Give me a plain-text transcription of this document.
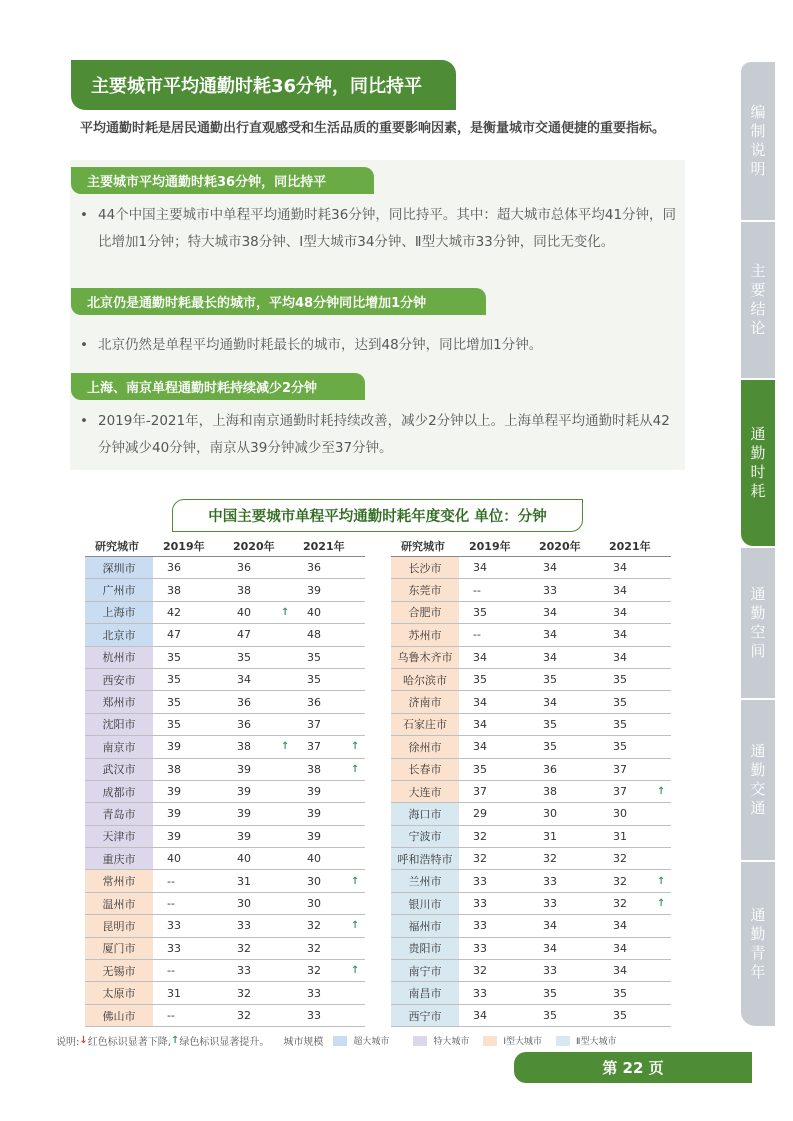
主要城市平均通勤时耗36分钟，同比持平
平均通勤时耗是居民通勤出行直观感受和生活品质的重要影响因素，是衡量城市交通便捷的重要指标。
主要城市平均通勤时耗36分钟，同比持平
• 44个中国主要城市中单程平均通勤时耗36分钟，同比持平。其中：超大城市总体平均41分钟，同比增加1分钟；特大城市38分钟、Ⅰ型大城市34分钟、Ⅱ型大城市33分钟，同比无变化。
北京仍是通勤时耗最长的城市，平均48分钟同比增加1分钟
• 北京仍然是单程平均通勤时耗最长的城市，达到48分钟，同比增加1分钟。
上海、南京单程通勤时耗持续减少2分钟
• 2019年-2021年，上海和南京通勤时耗持续改善，减少2分钟以上。上海单程平均通勤时耗从42分钟减少40分钟，南京从39分钟减少至37分钟。
中国主要城市单程平均通勤时耗年度变化 单位：分钟
研究城市	2019年	2020年	2021年
深圳市	36	36	36
广州市	38	38	39
上海市	42	40	↑ 40
北京市	47	47	48
杭州市	35	35	35
西安市	35	34	35
郑州市	35	36	36
沈阳市	35	36	37
南京市	39	38	↑ 37	↑
武汉市	38	39	38	↑
成都市	39	39	39
青岛市	39	39	39
天津市	39	39	39
重庆市	40	40	40
常州市	--	31	30	↑
温州市	--	30	30
昆明市	33	33	32	↑
厦门市	33	32	32
无锡市	--	33	32	↑
太原市	31	32	33
佛山市	--	32	33
研究城市	2019年	2020年	2021年
长沙市	34	34	34
东莞市	--	33	34
合肥市	35	34	34
苏州市	--	34	34
乌鲁木齐市	34	34	34
哈尔滨市	35	35	35
济南市	34	34	35
石家庄市	34	35	35
徐州市	34	35	35
长春市	35	36	37
大连市	37	38	37	↑
海口市	29	30	30
宁波市	32	31	31
呼和浩特市	32	32	32
兰州市	33	33	32	↑
银川市	33	33	32	↑
福州市	33	34	34
贵阳市	33	34	34
南宁市	32	33	34
南昌市	33	35	35
西宁市	34	35	35
说明: ↓ 红色标识显著下降, ↑ 绿色标识显著提升。 城市规模	超大城市	特大城市	Ⅰ型大城市	Ⅱ型大城市
第 22 页
编制说明
主要结论
通勤时耗
通勤空间
通勤交通
通勤青年
